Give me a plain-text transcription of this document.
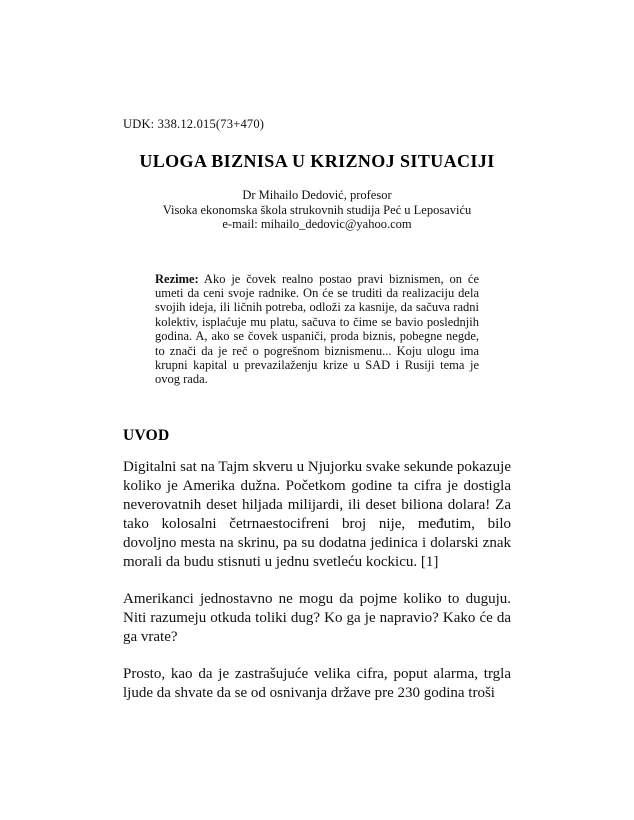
UDK: 338.12.015(73+470)
ULOGA BIZNISA U KRIZNOJ SITUACIJI
Dr Mihailo Dedović, profesor
Visoka ekonomska škola strukovnih studija Peć u Leposaviću
e-mail: mihailo_dedovic@yahoo.com
Rezime: Ako je čovek realno postao pravi biznismen, on će umeti da ceni svoje radnike. On će se truditi da realizaciju dela svojih ideja, ili ličnih potreba, odloži za kasnije, da sačuva radni kolektiv, isplaćuje mu platu, sačuva to čime se bavio poslednjih godina. A, ako se čovek uspaniči, proda biznis, pobegne negde, to znači da je reč o pogrešnom biznismenu... Koju ulogu ima krupni kapital u prevazilaženju krize u SAD i Rusiji tema je ovog rada.
UVOD

Digitalni sat na Tajm skveru u Njujorku svake sekunde pokazuje koliko je Amerika dužna. Početkom godine ta cifra je dostigla neverovatnih deset hiljada milijardi, ili deset biliona dolara! Za tako kolosalni četrnaestocifreni broj nije, međutim, bilo dovoljno mesta na skrinu, pa su dodatna jedinica i dolarski znak morali da budu stisnuti u jednu svetleću kockicu. [1]

Amerikanci jednostavno ne mogu da pojme koliko to duguju. Niti razumeju otkuda toliki dug? Ko ga je napravio? Kako će da ga vrate?

Prosto, kao da je zastrašujuće velika cifra, poput alarma, trgla ljude da shvate da se od osnivanja države pre 230 godina troši
